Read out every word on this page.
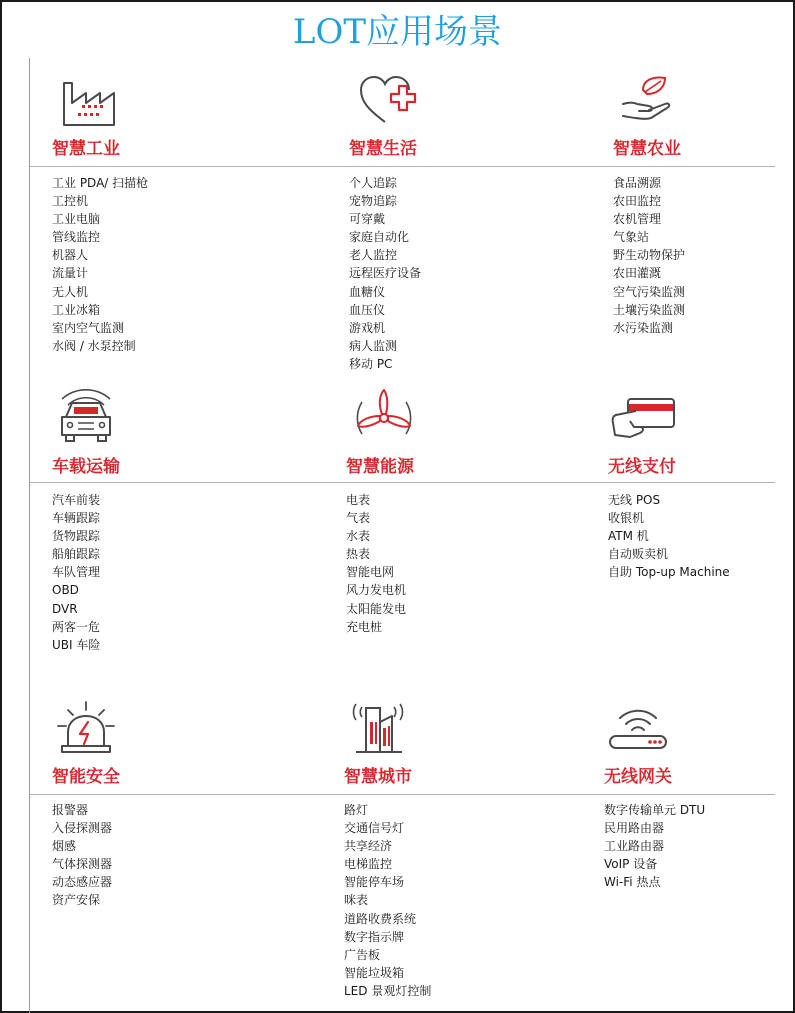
LOT应用场景
智慧工业
工业 PDA/ 扫描枪
工控机
工业电脑
管线监控
机器人
流量计
无人机
工业冰箱
室内空气监测
水阀 / 水泵控制
智慧生活
个人追踪
宠物追踪
可穿戴
家庭自动化
老人监控
远程医疗设备
血糖仪
血压仪
游戏机
病人监测
移动 PC
智慧农业
食品溯源
农田监控
农机管理
气象站
野生动物保护
农田灌溉
空气污染监测
土壤污染监测
水污染监测
车载运输
汽车前装
车辆跟踪
货物跟踪
船舶跟踪
车队管理
OBD
DVR
两客一危
UBI 车险
智慧能源
电表
气表
水表
热表
智能电网
风力发电机
太阳能发电
充电桩
无线支付
无线 POS
收银机
ATM 机
自动贩卖机
自助 Top-up Machine
智能安全
报警器
入侵探测器
烟感
气体探测器
动态感应器
资产安保
智慧城市
路灯
交通信号灯
共享经济
电梯监控
智能停车场
咪表
道路收费系统
数字指示牌
广告板
智能垃圾箱
LED 景观灯控制
无线网关
数字传输单元 DTU
民用路由器
工业路由器
VoIP 设备
Wi-Fi 热点
